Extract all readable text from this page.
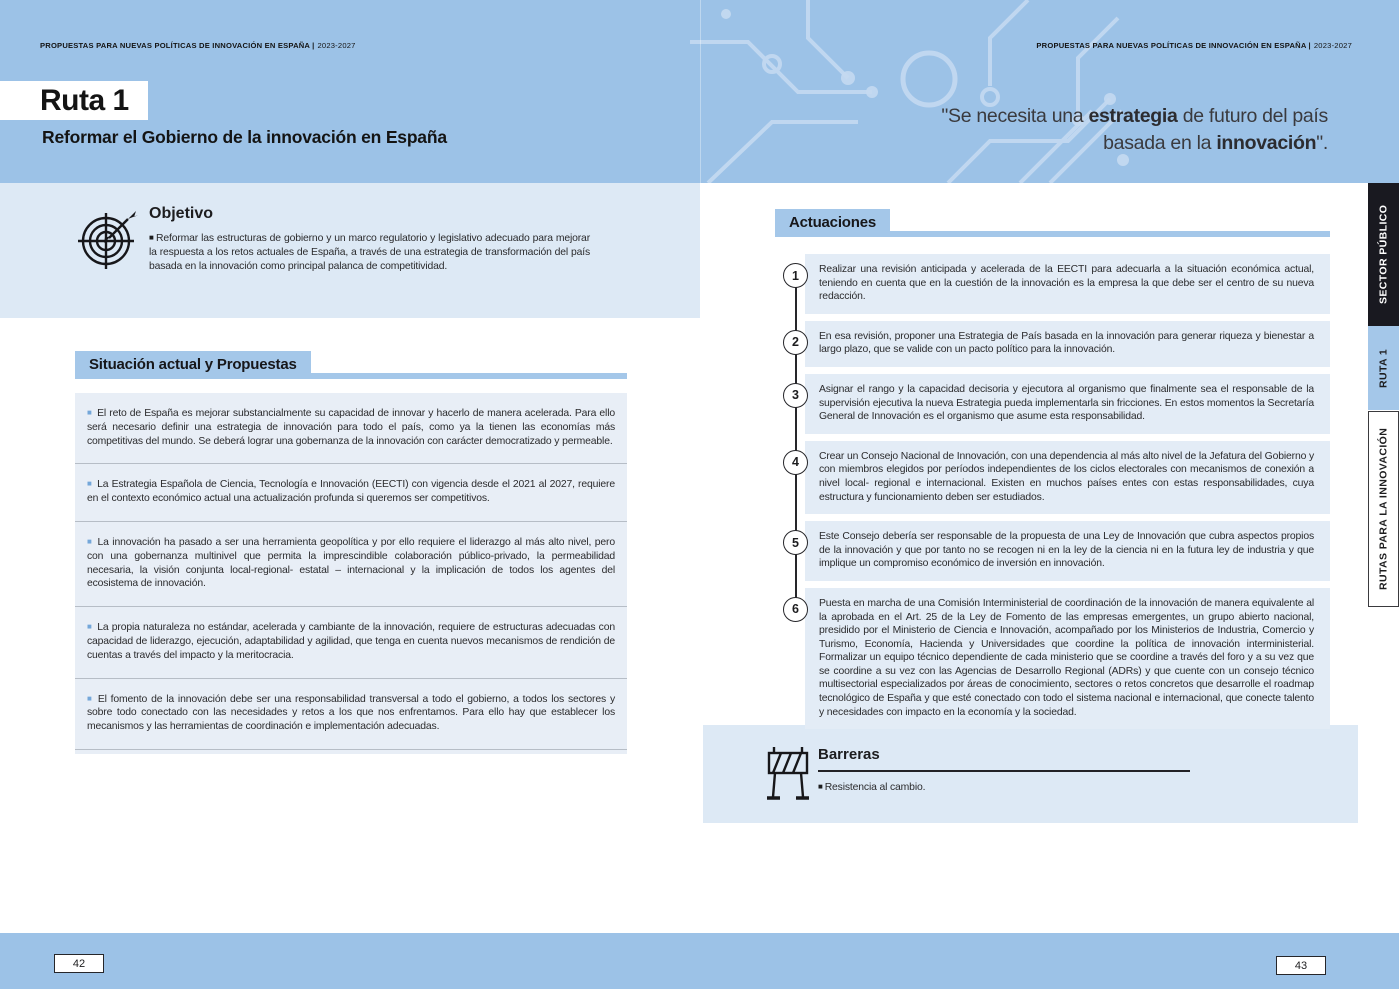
PROPUESTAS PARA NUEVAS POLÍTICAS DE INNOVACIÓN EN ESPAÑA | 2023-2027	PROPUESTAS PARA NUEVAS POLÍTICAS DE INNOVACIÓN EN ESPAÑA | 2023-2027
Ruta 1
Reformar el Gobierno de la innovación en España
"Se necesita una estrategia de futuro del país basada en la innovación".
Objetivo
■ Reformar las estructuras de gobierno y un marco regulatorio y legislativo adecuado para mejorar la respuesta a los retos actuales de España, a través de una estrategia de transformación del país basada en la innovación como principal palanca de competitividad.
Situación actual y Propuestas
■ El reto de España es mejorar substancialmente su capacidad de innovar y hacerlo de manera acelerada. Para ello será necesario definir una estrategia de innovación para todo el país, como ya la tienen las economías más competitivas del mundo. Se deberá lograr una gobernanza de la innovación con carácter democratizado y permeable.
■ La Estrategia Española de Ciencia, Tecnología e Innovación (EECTI) con vigencia desde el 2021 al 2027, requiere en el contexto económico actual una actualización profunda si queremos ser competitivos.
■ La innovación ha pasado a ser una herramienta geopolítica y por ello requiere el liderazgo al más alto nivel, pero con una gobernanza multinivel que permita la imprescindible colaboración público-privado, la permeabilidad necesaria, la visión conjunta local-regional- estatal – internacional y la implicación de todos los agentes del ecosistema de innovación.
■ La propia naturaleza no estándar, acelerada y cambiante de la innovación, requiere de estructuras adecuadas con capacidad de liderazgo, ejecución, adaptabilidad y agilidad, que tenga en cuenta nuevos mecanismos de rendición de cuentas a través del impacto y la meritocracia.
■ El fomento de la innovación debe ser una responsabilidad transversal a todo el gobierno, a todos los sectores y sobre todo conectado con las necesidades y retos a los que nos enfrentamos. Para ello hay que establecer los mecanismos y las herramientas de coordinación e implementación adecuadas.
Actuaciones
1	Realizar una revisión anticipada y acelerada de la EECTI para adecuarla a la situación económica actual, teniendo en cuenta que en la cuestión de la innovación es la empresa la que debe ser el centro de su nueva redacción.
2	En esa revisión, proponer una Estrategia de País basada en la innovación para generar riqueza y bienestar a largo plazo, que se valide con un pacto político para la innovación.
3	Asignar el rango y la capacidad decisoria y ejecutora al organismo que finalmente sea el responsable de la supervisión ejecutiva la nueva Estrategia pueda implementarla sin fricciones. En estos momentos la Secretaría General de Innovación es el organismo que asume esta responsabilidad.
4	Crear un Consejo Nacional de Innovación, con una dependencia al más alto nivel de la Jefatura del Gobierno y con miembros elegidos por períodos independientes de los ciclos electorales con mecanismos de conexión a nivel local- regional e internacional. Existen en muchos países entes con estas responsabilidades, cuya estructura y funcionamiento deben ser estudiados.
5	Este Consejo debería ser responsable de la propuesta de una Ley de Innovación que cubra aspectos propios de la innovación y que por tanto no se recogen ni en la ley de la ciencia ni en la futura ley de industria y que implique un compromiso económico de inversión en innovación.
6	Puesta en marcha de una Comisión Interministerial de coordinación de la innovación de manera equivalente al la aprobada en el Art. 25 de la Ley de Fomento de las empresas emergentes, un grupo abierto nacional, presidido por el Ministerio de Ciencia e Innovación, acompañado por los Ministerios de Industria, Comercio y Turismo, Economía, Hacienda y Universidades que coordine la política de innovación interministerial. Formalizar un equipo técnico dependiente de cada ministerio que se coordine a través del foro y a su vez que se coordine a su vez con las Agencias de Desarrollo Regional (ADRs) y que cuente con un consejo técnico multisectorial especializados por áreas de conocimiento, sectores o retos concretos que desarrolle el roadmap tecnológico de España y que esté conectado con todo el sistema nacional e internacional, que conecte talento y necesidades con impacto en la economía y la sociedad.
Barreras
■ Resistencia al cambio.
SECTOR PÚBLICO
RUTA 1
RUTAS PARA LA INNOVACIÓN
42	43
